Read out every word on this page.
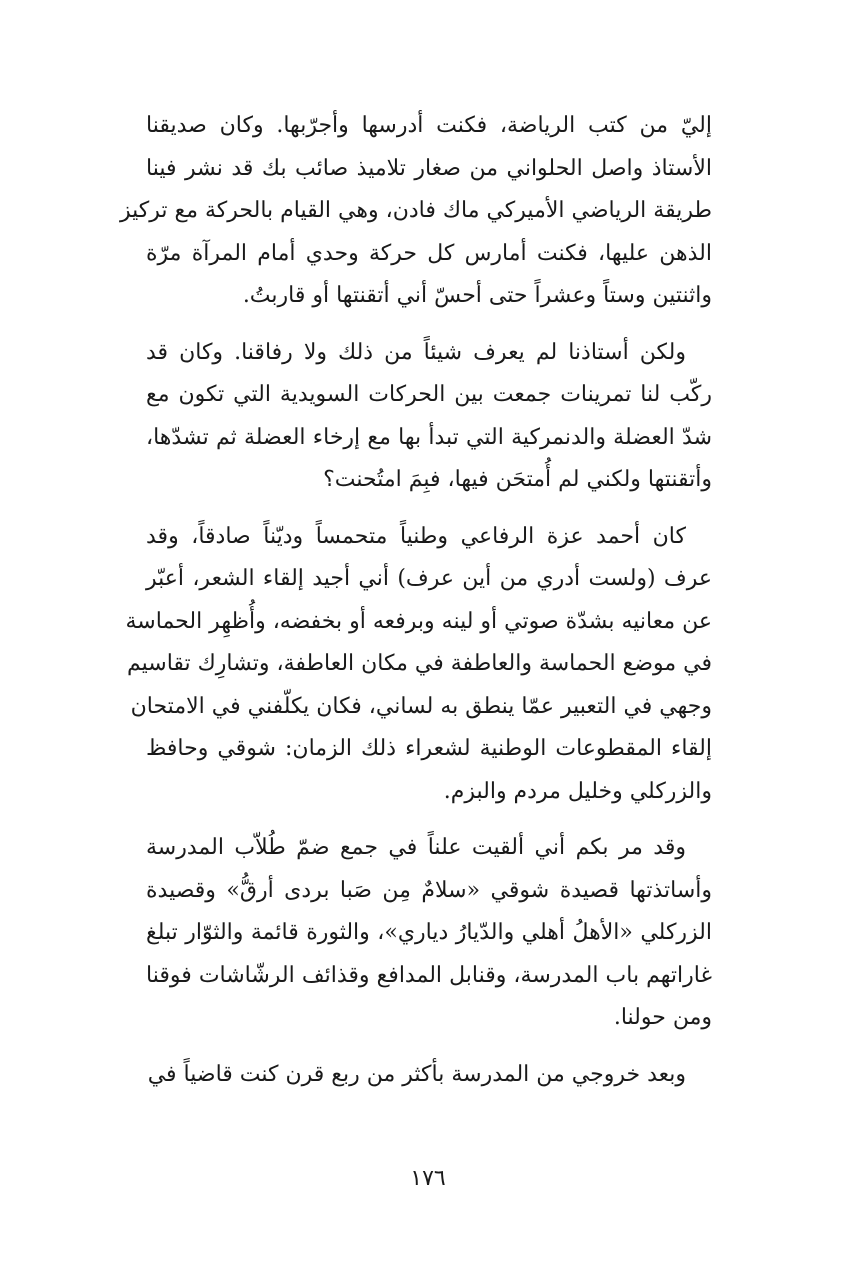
إليّ من كتب الرياضة، فكنت أدرسها وأجرّبها. وكان صديقنا
الأستاذ واصل الحلواني من صغار تلاميذ صائب بك قد نشر فينا
طريقة الرياضي الأميركي ماك فادن، وهي القيام بالحركة مع تركيز
الذهن عليها، فكنت أمارس كل حركة وحدي أمام المرآة مرّة
واثنتين وستاً وعشراً حتى أحسّ أني أتقنتها أو قاربتُ.

ولكن أستاذنا لم يعرف شيئاً من ذلك ولا رفاقنا. وكان قد
ركّب لنا تمرينات جمعت بين الحركات السويدية التي تكون مع
شدّ العضلة والدنمركية التي تبدأ بها مع إرخاء العضلة ثم تشدّها،
وأتقنتها ولكني لم أُمتحَن فيها، فبِمَ امتُحنت؟

كان أحمد عزة الرفاعي وطنياً متحمساً وديّناً صادقاً، وقد
عرف (ولست أدري من أين عرف) أني أجيد إلقاء الشعر، أعبّر
عن معانيه بشدّة صوتي أو لينه وبرفعه أو بخفضه، وأُظهِر الحماسة
في موضع الحماسة والعاطفة في مكان العاطفة، وتشارِك تقاسيم
وجهي في التعبير عمّا ينطق به لساني، فكان يكلّفني في الامتحان
إلقاء المقطوعات الوطنية لشعراء ذلك الزمان: شوقي وحافظ
والزركلي وخليل مردم والبزم.

وقد مر بكم أني ألقيت علناً في جمع ضمّ طُلاّب المدرسة
وأساتذتها قصيدة شوقي «سلامٌ مِن صَبا بردى أرقُّ» وقصيدة
الزركلي «الأهلُ أهلي والدّيارُ دياري»، والثورة قائمة والثوّار تبلغ
غاراتهم باب المدرسة، وقنابل المدافع وقذائف الرشّاشات فوقنا
ومن حولنا.

وبعد خروجي من المدرسة بأكثر من ربع قرن كنت قاضياً في

١٧٦
